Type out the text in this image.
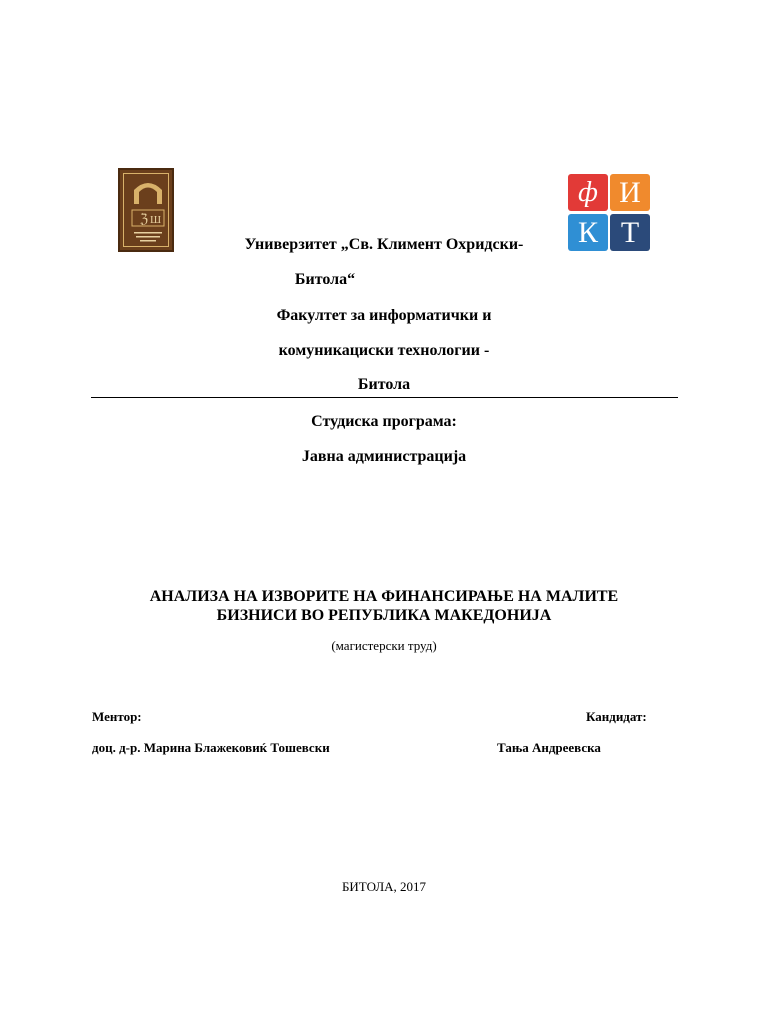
ℨ Ш
ф И
К Т
Универзитет „Св. Климент Охридски-
Битола“
Факултет за информатички и
комуникациски технологии -
Битола
Студиска програма:
Јавна администрација
АНАЛИЗА НА ИЗВОРИТЕ НА ФИНАНСИРАЊЕ НА МАЛИТЕ
БИЗНИСИ ВО РЕПУБЛИКА МАКЕДОНИЈА
(магистерски труд)
Ментор:	Кандидат:
доц. д-р. Марина Блажековиќ Тошевски	Тања Андреевска
БИТОЛА, 2017
